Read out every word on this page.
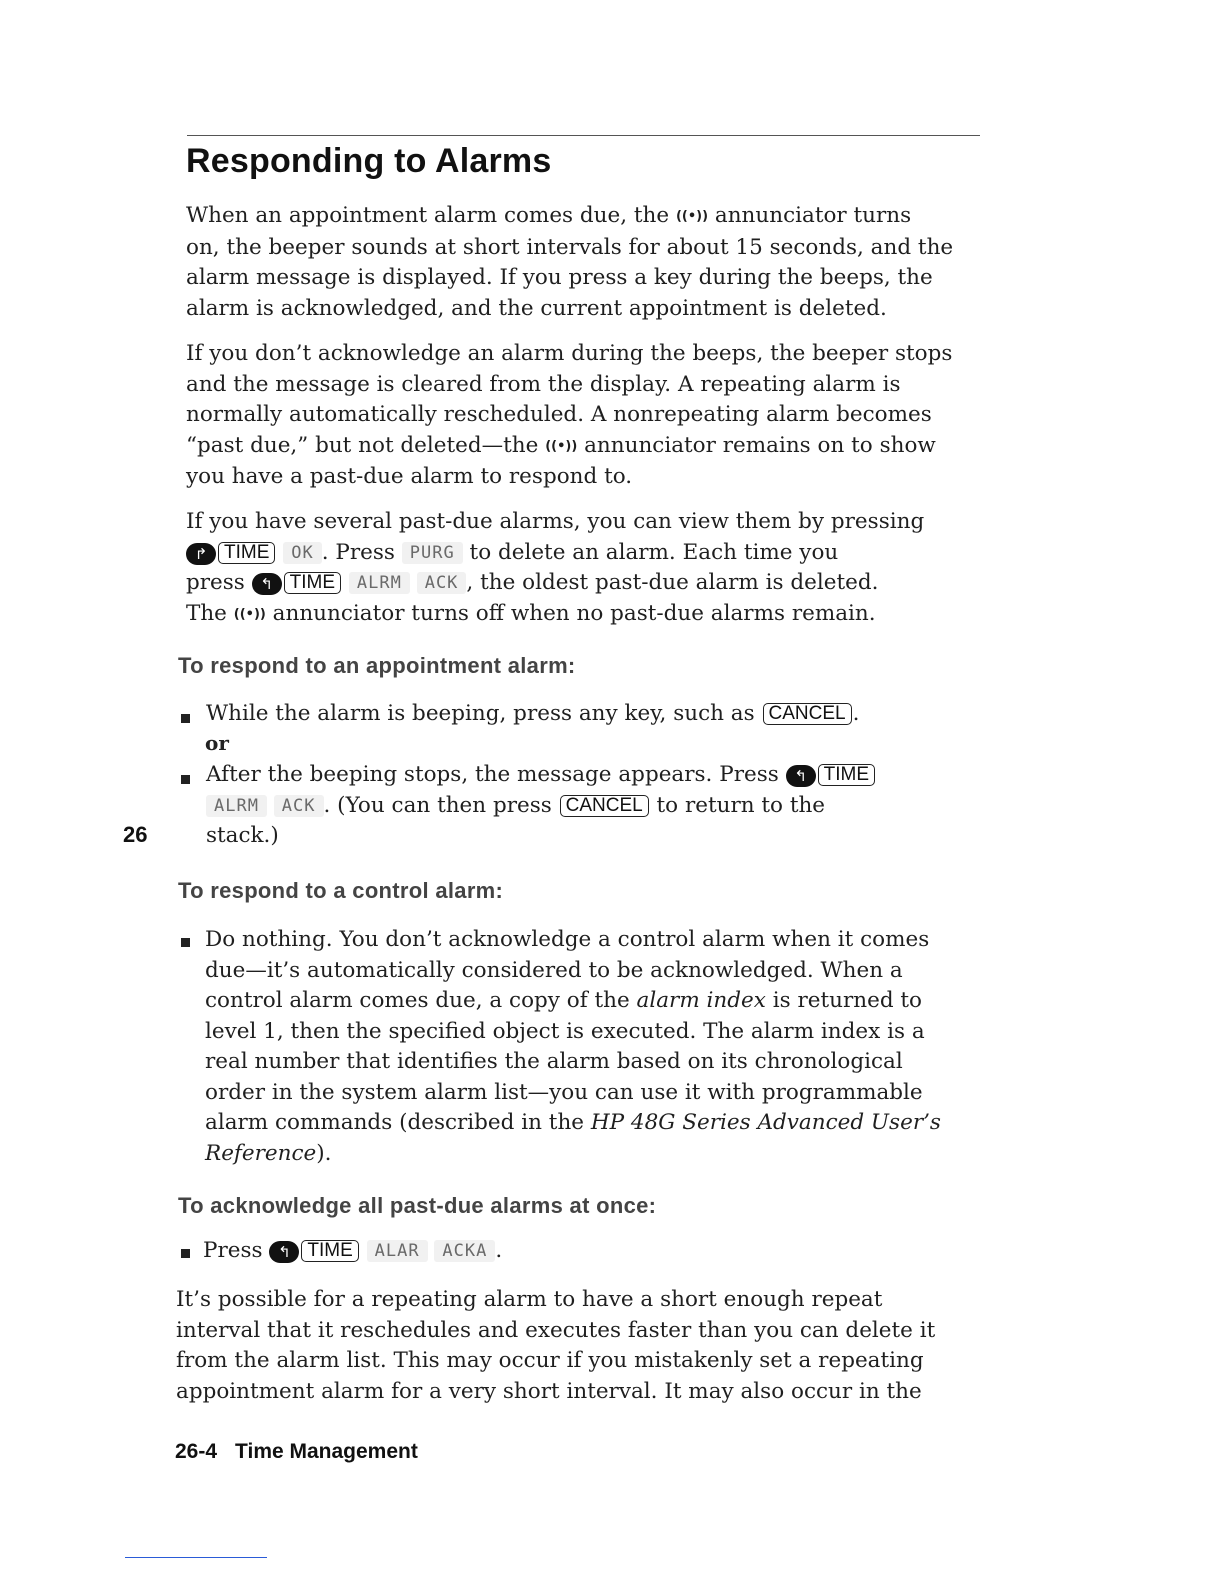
Responding to Alarms
When an appointment alarm comes due, the ((•)) annunciator turns
on, the beeper sounds at short intervals for about 15 seconds, and the
alarm message is displayed. If you press a key during the beeps, the
alarm is acknowledged, and the current appointment is deleted.
If you don’t acknowledge an alarm during the beeps, the beeper stops
and the message is cleared from the display. A repeating alarm is
normally automatically rescheduled. A nonrepeating alarm becomes
“past due,” but not deleted—the ((•)) annunciator remains on to show
you have a past-due alarm to respond to.
If you have several past-due alarms, you can view them by pressing
↱ TIME OK . Press PURG to delete an alarm. Each time you
press ↰ TIME ALRM ACK , the oldest past-due alarm is deleted.
The ((•)) annunciator turns off when no past-due alarms remain.
To respond to an appointment alarm:
While the alarm is beeping, press any key, such as CANCEL .
or
After the beeping stops, the message appears. Press ↰ TIME
ALRM ACK . (You can then press CANCEL to return to the
stack.)
26
To respond to a control alarm:
Do nothing. You don’t acknowledge a control alarm when it comes
due—it’s automatically considered to be acknowledged. When a
control alarm comes due, a copy of the alarm index is returned to
level 1, then the specified object is executed. The alarm index is a
real number that identifies the alarm based on its chronological
order in the system alarm list—you can use it with programmable
alarm commands (described in the HP 48G Series Advanced User’s
Reference).
To acknowledge all past-due alarms at once:
Press ↰ TIME ALAR ACKA .
It’s possible for a repeating alarm to have a short enough repeat
interval that it reschedules and executes faster than you can delete it
from the alarm list. This may occur if you mistakenly set a repeating
appointment alarm for a very short interval. It may also occur in the
26-4 Time Management
